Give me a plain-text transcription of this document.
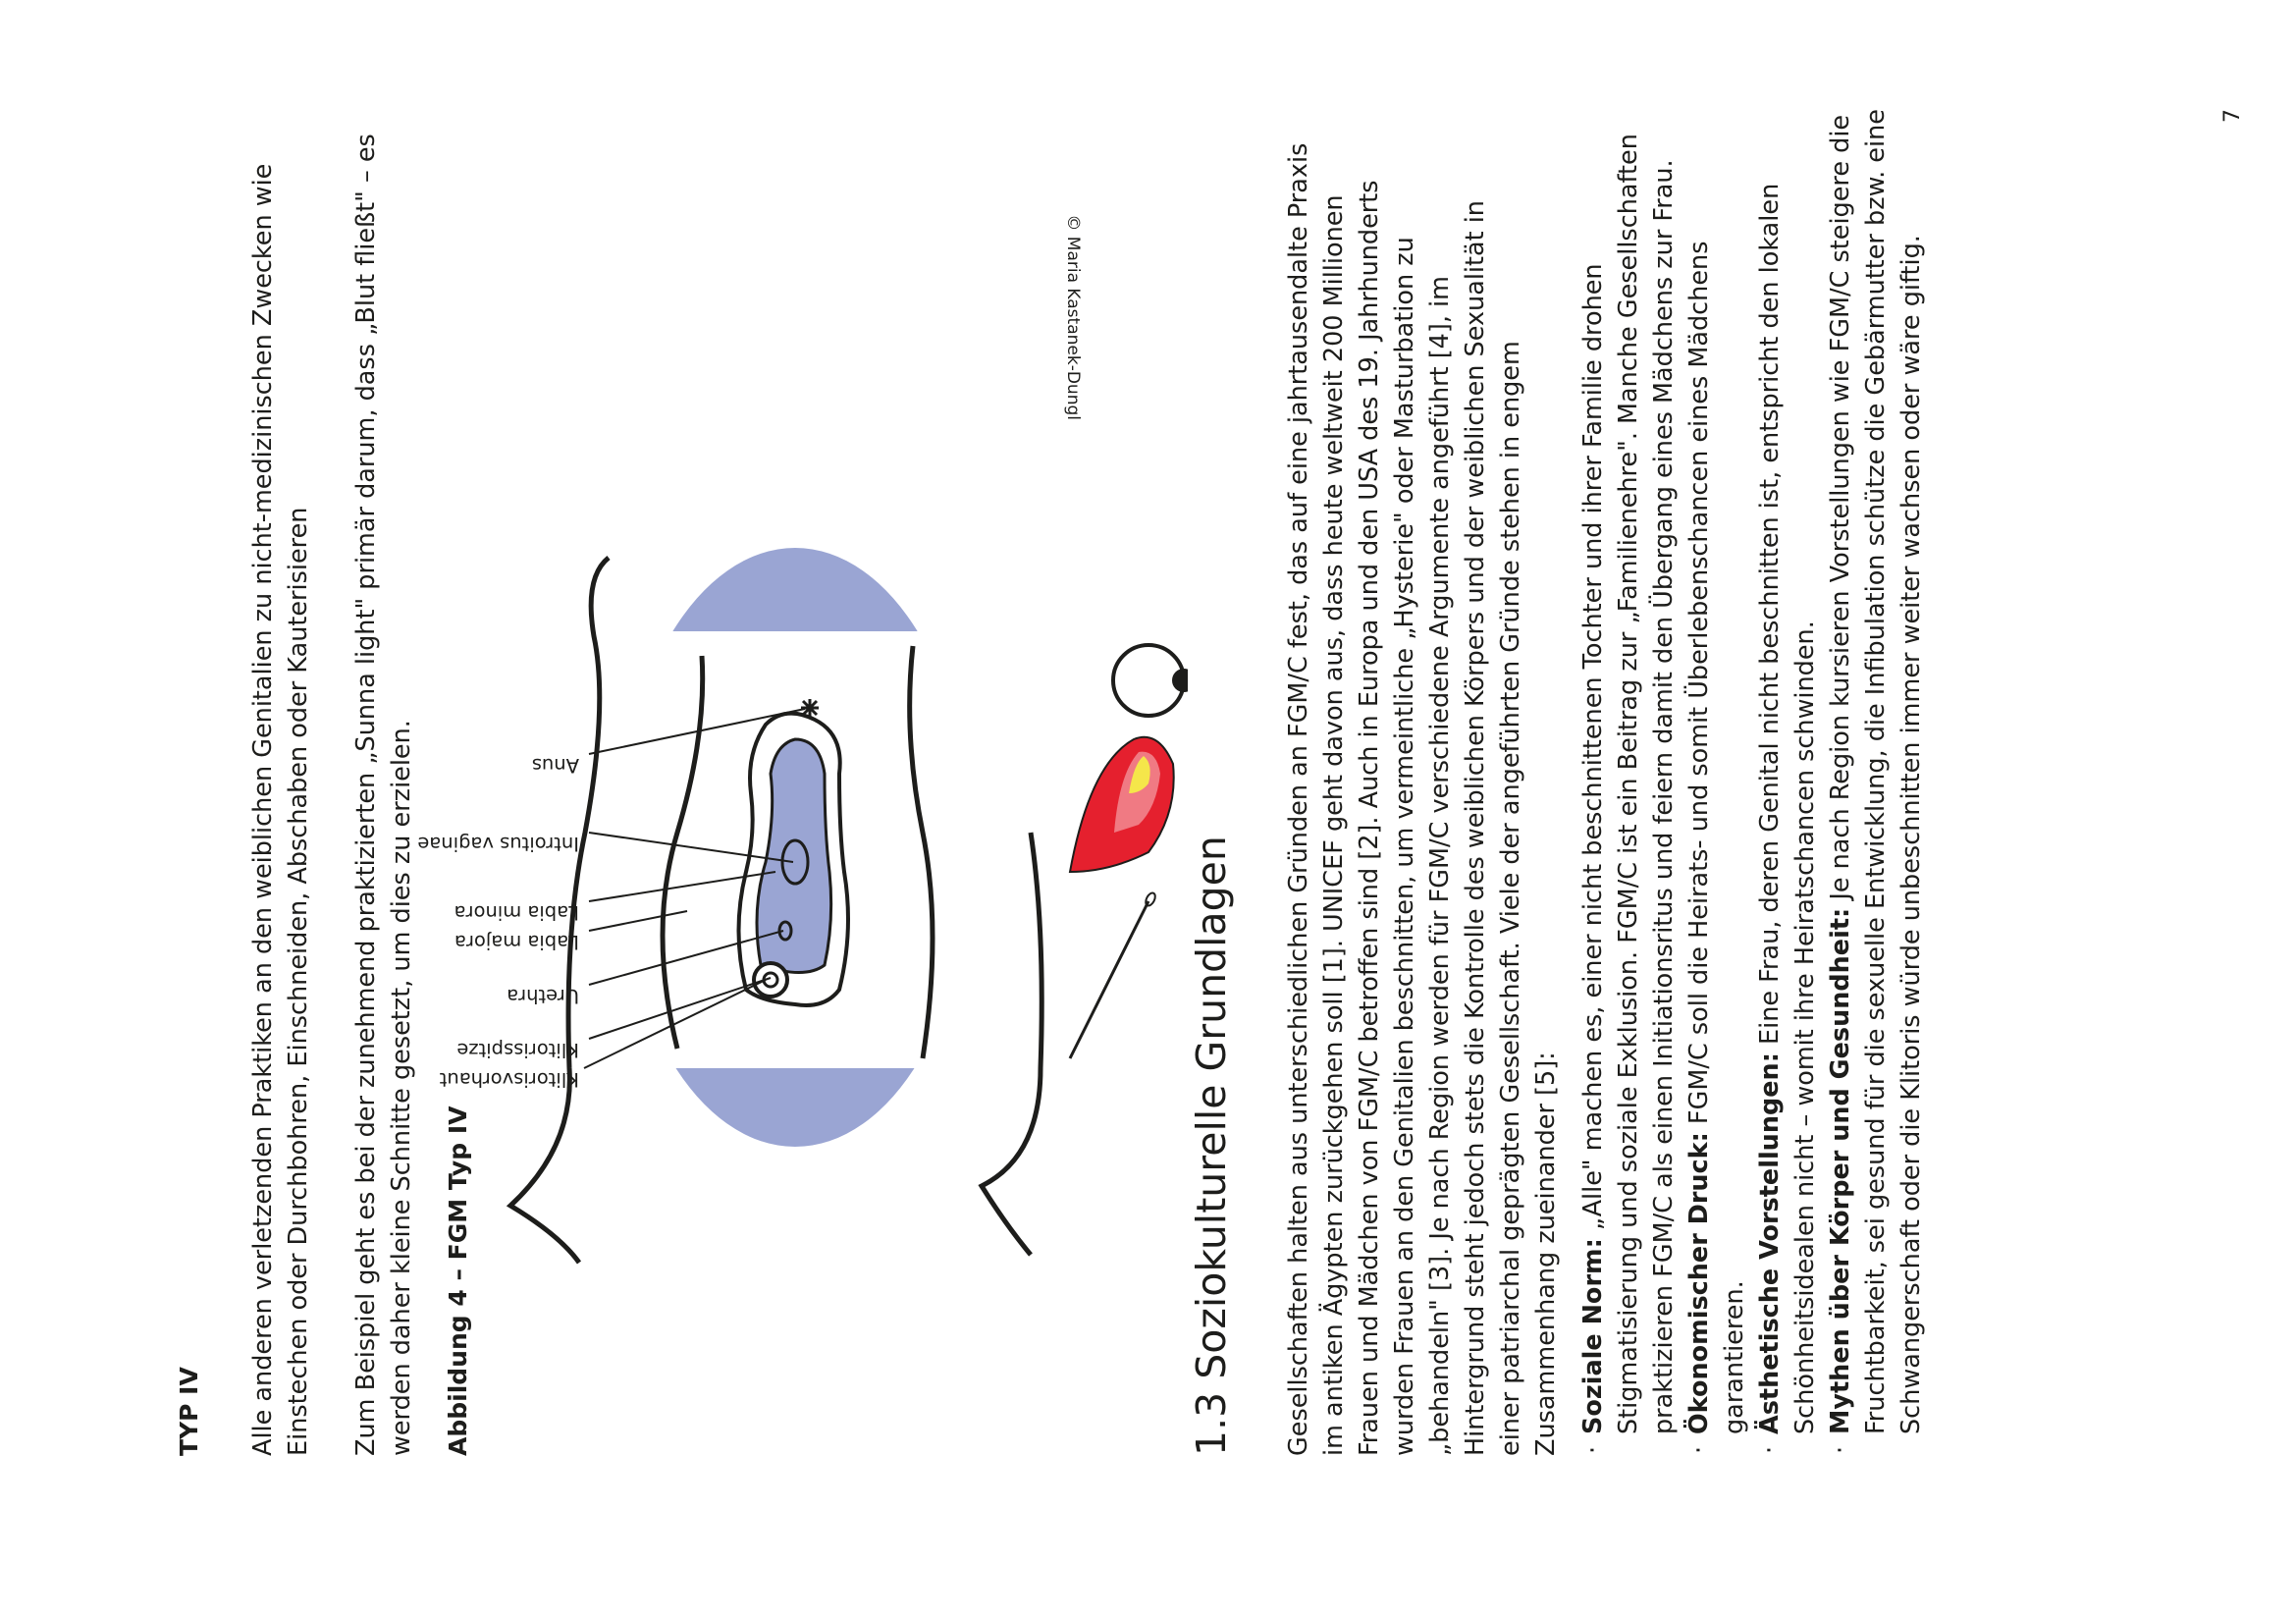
TYP IV Alle anderen verletzenden Praktiken an den weiblichen Genitalien zu nicht-medizinischen Zwecken wie Einstechen oder Durchbohren, Einschneiden, Abschaben oder Kauterisieren Zum Beispiel geht es bei der zunehmend praktizierten „Sunna light" primär darum, dass „Blut fließt" – es werden daher kleine Schnitte gesetzt, um dies zu erzielen. Abbildung 4 – FGM Typ IV
Klitorisvorhaut
Klitorisspitze
Urethra
Labia majora
Labia minora
Introitus vaginae
Anus
© Maria Kastanek-Dungl
1.3 Soziokulturelle Grundlagen Gesellschaften halten aus unterschiedlichen Gründen an FGM/C fest, das auf eine jahrtausendalte Praxis im antiken Ägypten zurückgehen soll [1]. UNICEF geht davon aus, dass heute weltweit 200 Millionen Frauen und Mädchen von FGM/C betroffen sind [2]. Auch in Europa und den USA des 19. Jahrhunderts wurden Frauen an den Genitalien beschnitten, um vermeintliche „Hysterie" oder Masturbation zu „behandeln" [3]. Je nach Region werden für FGM/C verschiedene Argumente angeführt [4], im Hintergrund steht jedoch stets die Kontrolle des weiblichen Körpers und der weiblichen Sexualität in einer patriarchal geprägten Gesellschaft. Viele der angeführten Gründe stehen in engem Zusammenhang zueinander [5]: ·
Soziale Norm: „Alle" machen es, einer nicht beschnittenen Tochter und ihrer Familie drohen Stigmatisierung und soziale Exklusion. FGM/C ist ein Beitrag zur „Familienehre". Manche Gesellschaften praktizieren FGM/C als einen Initiationsritus und feiern damit den Übergang eines Mädchens zur Frau.
·
Ökonomischer Druck: FGM/C soll die Heirats- und somit Überlebenschancen eines Mädchens garantieren.
·
Ästhetische Vorstellungen: Eine Frau, deren Genital nicht beschnitten ist, entspricht den lokalen Schönheitsidealen nicht – womit ihre Heiratschancen schwinden.
·
Mythen über Körper und Gesundheit: Je nach Region kursieren Vorstellungen wie FGM/C steigere die Fruchtbarkeit, sei gesund für die sexuelle Entwicklung, die Infibulation schütze die Gebärmutter bzw. eine Schwangerschaft oder die Klitoris würde unbeschnitten immer weiter wachsen oder wäre giftig.
7
